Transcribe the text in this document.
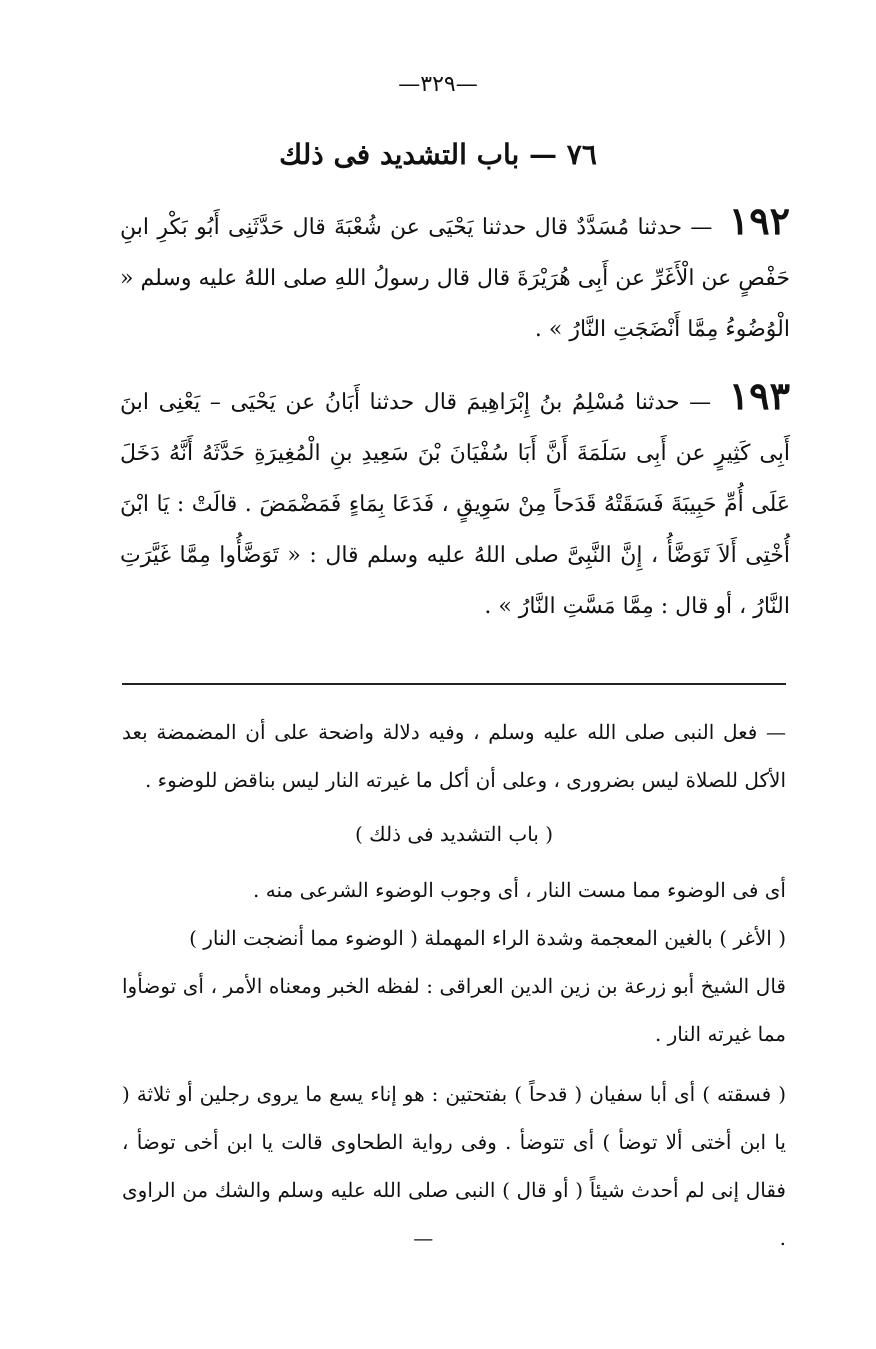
—٣٢٩—
٧٦ — باب التشديد فى ذلك
١٩٢ — حدثنا مُسَدَّدٌ قال حدثنا يَحْيَى عن شُعْبَةَ قال حَدَّثَنِى أَبُو بَكْرِ ابنِ حَفْصٍ عن الْأَغَرِّ عن أَبِى هُرَيْرَةَ قال قال رسولُ اللهِ صلى اللهُ عليه وسلم « الْوُضُوءُ مِمَّا أَنْضَجَتِ النَّارُ » .
١٩٣ — حدثنا مُسْلِمُ بنُ إِبْرَاهِيمَ قال حدثنا أَبَانُ عن يَحْيَى – يَعْنِى ابنَ أَبِى كَثِيرٍ عن أَبِى سَلَمَةَ أَنَّ أَبَا سُفْيَانَ بْنَ سَعِيدِ بنِ الْمُغِيرَةِ حَدَّثَهُ أَنَّهُ دَخَلَ عَلَى أُمِّ حَبِيبَةَ فَسَقَتْهُ قَدَحاً مِنْ سَوِيقٍ ، فَدَعَا بِمَاءٍ فَمَضْمَضَ . قالَتْ : يَا ابْنَ أُخْتِى أَلاَ تَوَضَّأُ ، إِنَّ النَّبِىَّ صلى اللهُ عليه وسلم قال : « تَوَضَّأُوا مِمَّا غَيَّرَتِ النَّارُ ، أو قال : مِمَّا مَسَّتِ النَّارُ » .

— فعل النبى صلى الله عليه وسلم ، وفيه دلالة واضحة على أن المضمضة بعد الأكل للصلاة ليس بضرورى ، وعلى أن أكل ما غيرته النار ليس بناقض للوضوء .

( باب التشديد فى ذلك )

أى فى الوضوء مما مست النار ، أى وجوب الوضوء الشرعى منه .

( الأغر ) بالغين المعجمة وشدة الراء المهملة ( الوضوء مما أنضجت النار )

قال الشيخ أبو زرعة بن زين الدين العراقى : لفظه الخبر ومعناه الأمر ، أى توضأوا مما غيرته النار .

( فسقته ) أى أبا سفيان ( قدحاً ) بفتحتين : هو إناء يسع ما يروى رجلين أو ثلاثة ( يا ابن أختى ألا توضأ ) أى تتوضأ . وفى رواية الطحاوى قالت يا ابن أخى توضأ ، فقال إنى لم أحدث شيئاً ( أو قال ) النبى صلى الله عليه وسلم والشك من الراوى . —
